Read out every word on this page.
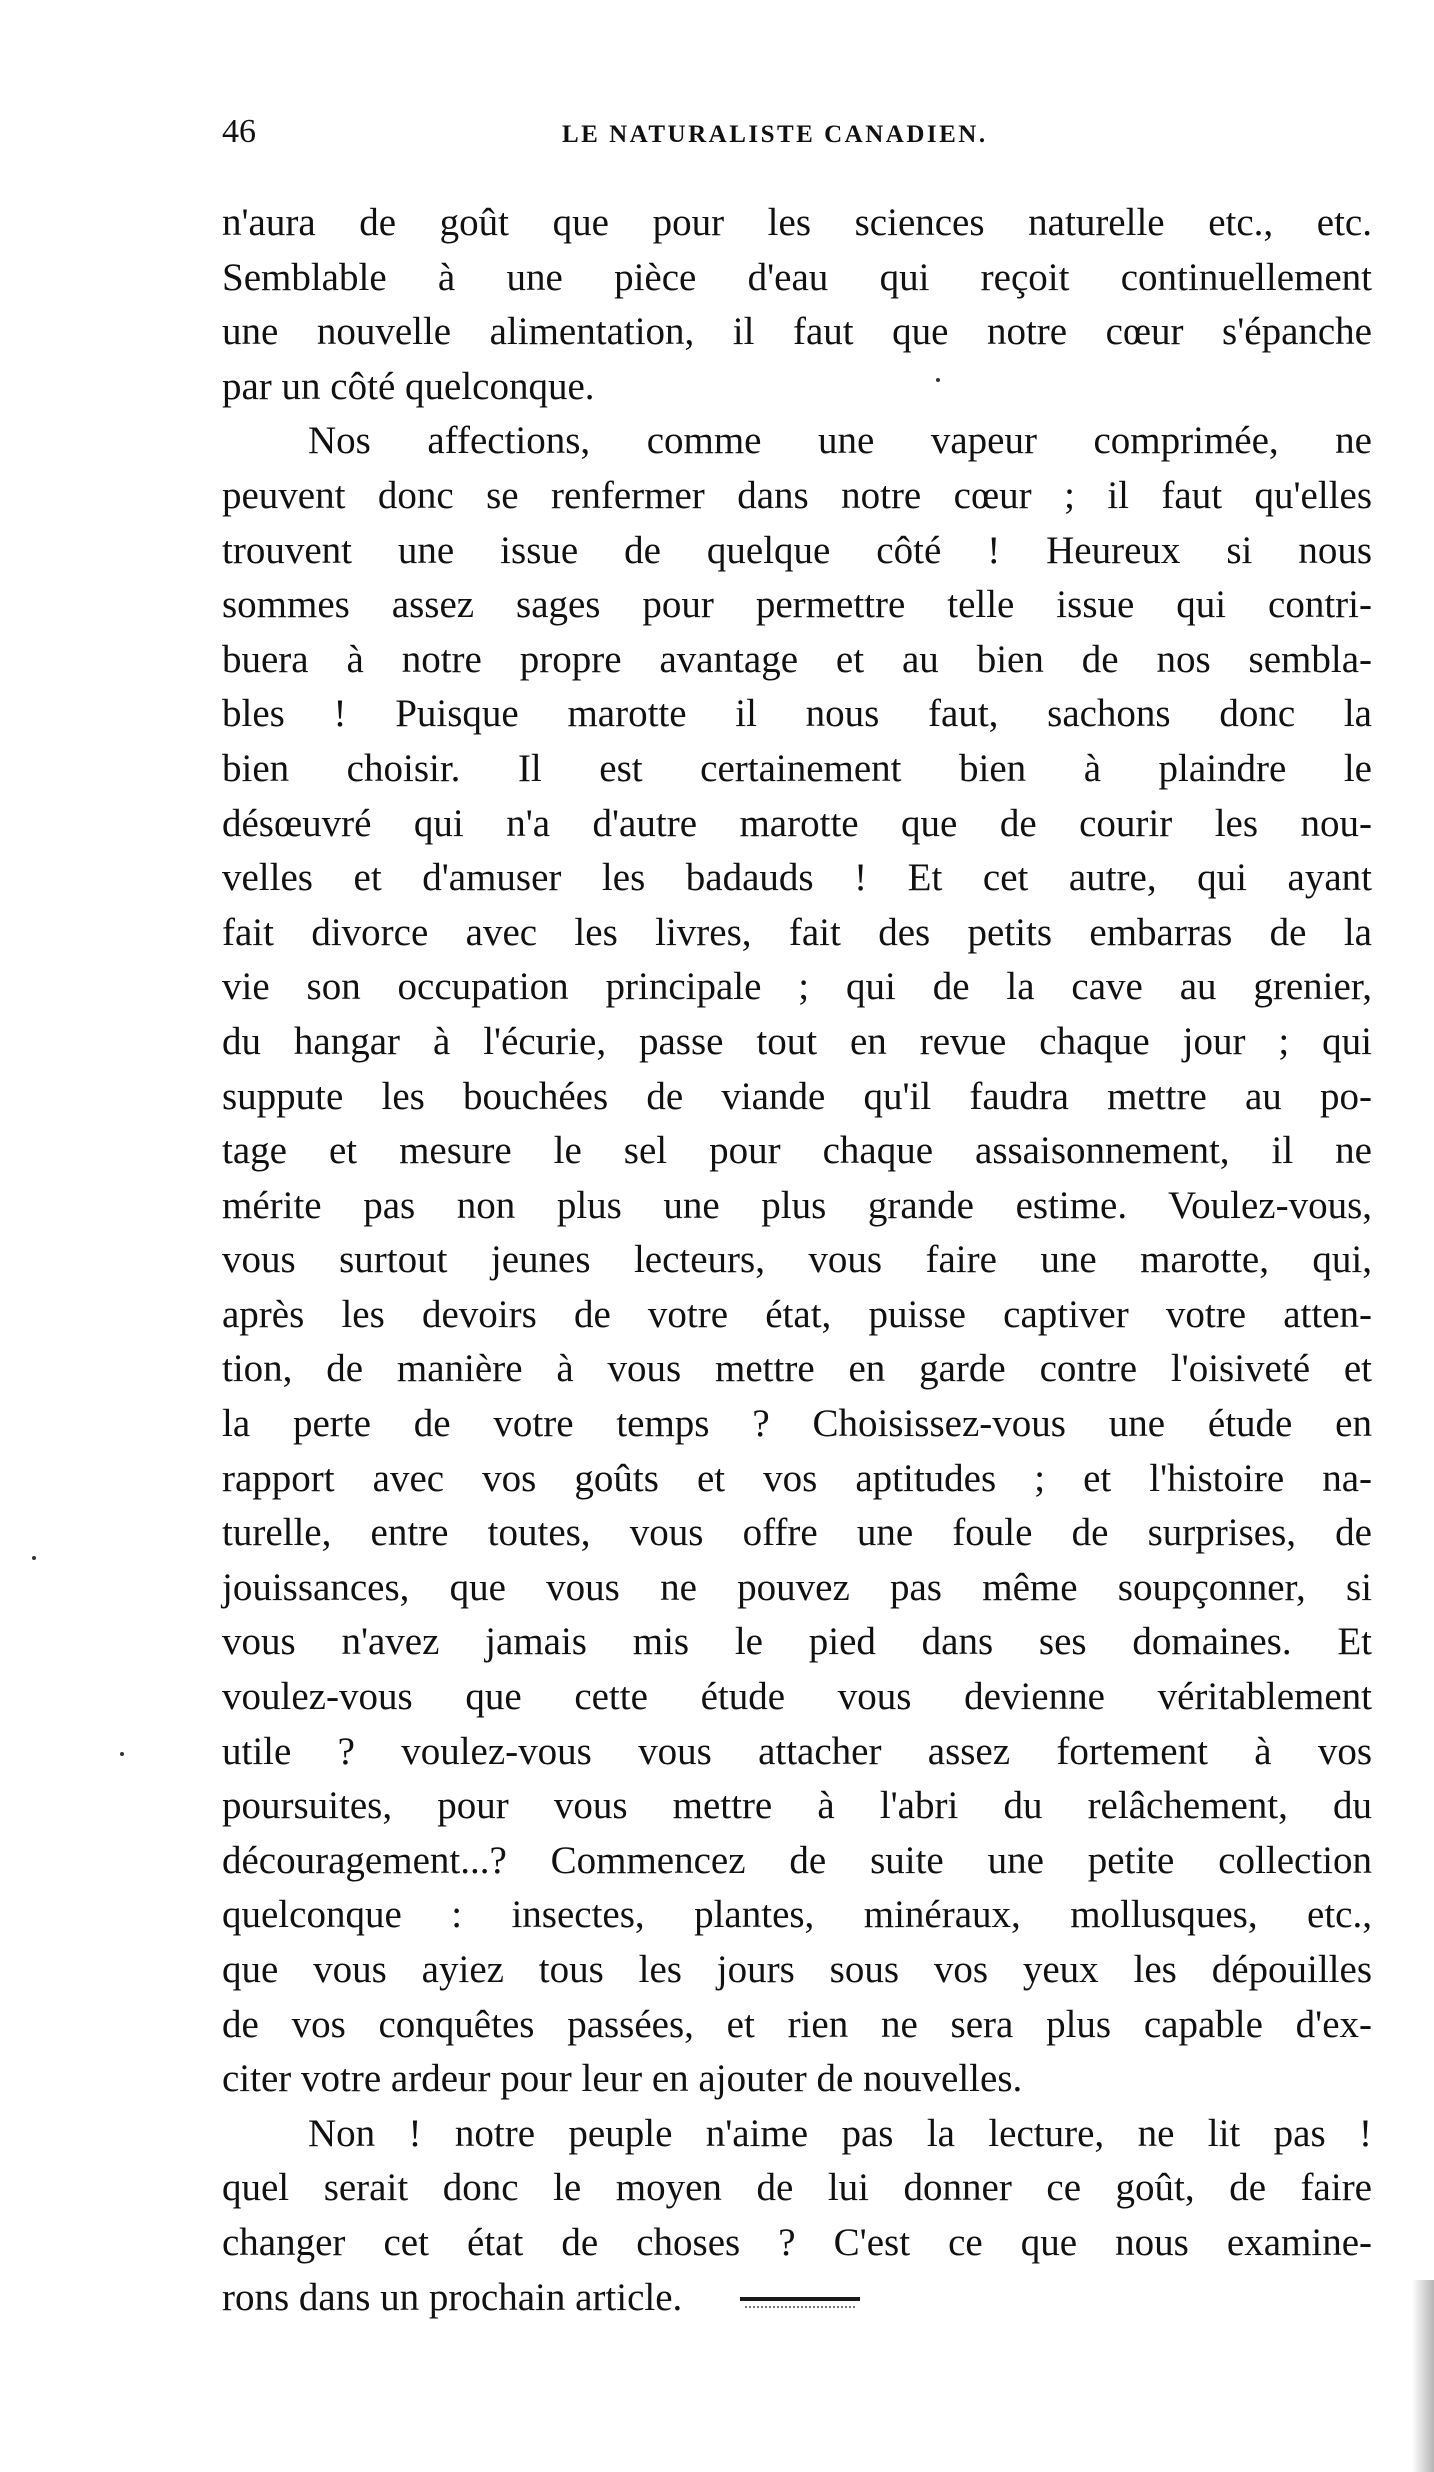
46	LE NATURALISTE CANADIEN.
n'aura de goût que pour les sciences naturelle etc., etc.
Semblable à une pièce d'eau qui reçoit continuellement
une nouvelle alimentation, il faut que notre cœur s'épanche
par un côté quelconque.
Nos affections, comme une vapeur comprimée, ne
peuvent donc se renfermer dans notre cœur ; il faut qu'elles
trouvent une issue de quelque côté ! Heureux si nous
sommes assez sages pour permettre telle issue qui contri-
buera à notre propre avantage et au bien de nos sembla-
bles ! Puisque marotte il nous faut, sachons donc la
bien choisir. Il est certainement bien à plaindre le
désœuvré qui n'a d'autre marotte que de courir les nou-
velles et d'amuser les badauds ! Et cet autre, qui ayant
fait divorce avec les livres, fait des petits embarras de la
vie son occupation principale ; qui de la cave au grenier,
du hangar à l'écurie, passe tout en revue chaque jour ; qui
suppute les bouchées de viande qu'il faudra mettre au po-
tage et mesure le sel pour chaque assaisonnement, il ne
mérite pas non plus une plus grande estime. Voulez-vous,
vous surtout jeunes lecteurs, vous faire une marotte, qui,
après les devoirs de votre état, puisse captiver votre atten-
tion, de manière à vous mettre en garde contre l'oisiveté et
la perte de votre temps ? Choisissez-vous une étude en
rapport avec vos goûts et vos aptitudes ; et l'histoire na-
turelle, entre toutes, vous offre une foule de surprises, de
jouissances, que vous ne pouvez pas même soupçonner, si
vous n'avez jamais mis le pied dans ses domaines. Et
voulez-vous que cette étude vous devienne véritablement
utile ? voulez-vous vous attacher assez fortement à vos
poursuites, pour vous mettre à l'abri du relâchement, du
découragement...? Commencez de suite une petite collection
quelconque : insectes, plantes, minéraux, mollusques, etc.,
que vous ayiez tous les jours sous vos yeux les dépouilles
de vos conquêtes passées, et rien ne sera plus capable d'ex-
citer votre ardeur pour leur en ajouter de nouvelles.
Non ! notre peuple n'aime pas la lecture, ne lit pas !
quel serait donc le moyen de lui donner ce goût, de faire
changer cet état de choses ? C'est ce que nous examine-
rons dans un prochain article.
